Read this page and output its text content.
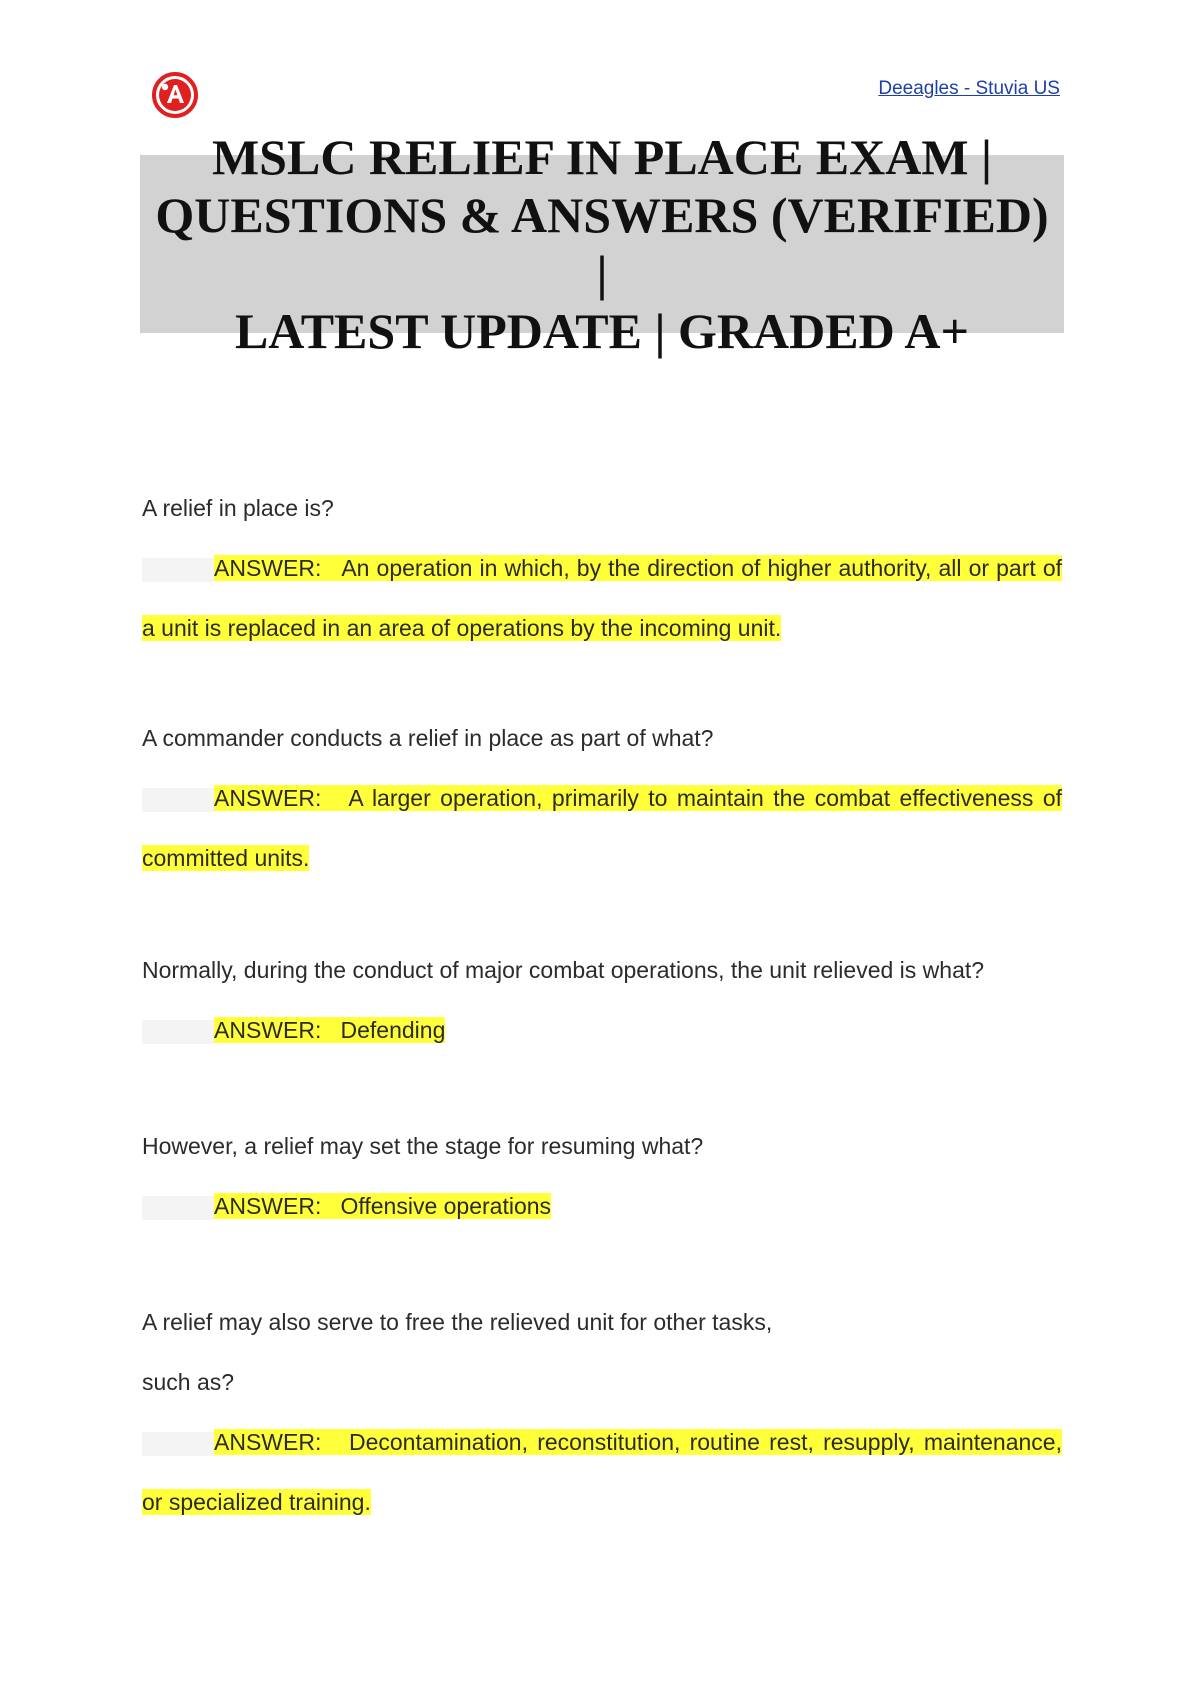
Deeagles - Stuvia US
MSLC RELIEF IN PLACE EXAM |
QUESTIONS & ANSWERS (VERIFIED) |
LATEST UPDATE | GRADED A+

A relief in place is?

ANSWER: An operation in which, by the direction of higher authority, all or part of a unit is replaced in an area of operations by the incoming unit.

A commander conducts a relief in place as part of what?

ANSWER: A larger operation, primarily to maintain the combat effectiveness of committed units.

Normally, during the conduct of major combat operations, the unit relieved is what?

ANSWER: Defending

However, a relief may set the stage for resuming what?

ANSWER: Offensive operations

A relief may also serve to free the relieved unit for other tasks,
such as?

ANSWER: Decontamination, reconstitution, routine rest, resupply, maintenance, or specialized training.
